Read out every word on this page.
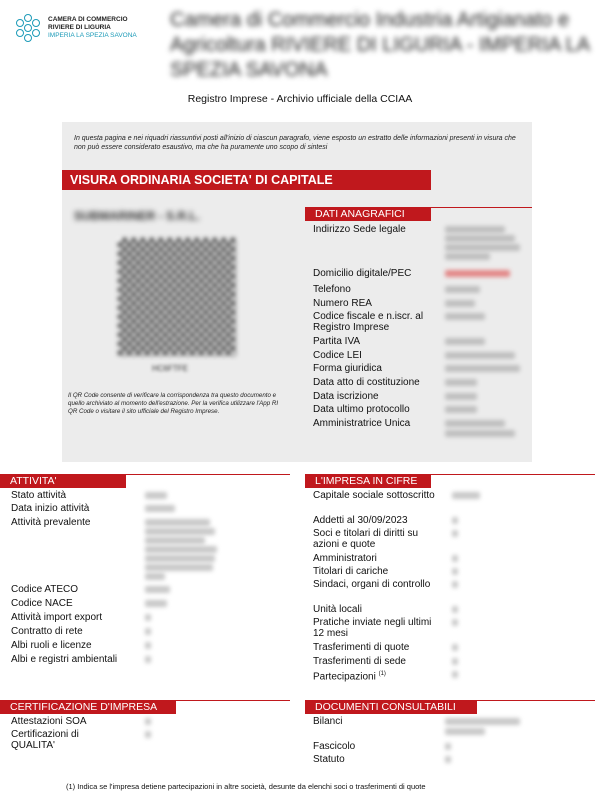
CAMERA DI COMMERCIO
RIVIERE DI LIGURIA
IMPERIA LA SPEZIA SAVONA
Camera di Commercio Industria Artigianato e Agricoltura RIVIERE DI LIGURIA - IMPERIA LA SPEZIA SAVONA
Registro Imprese - Archivio ufficiale della CCIAA
In questa pagina e nei riquadri riassuntivi posti all'inizio di ciascun paragrafo, viene esposto un estratto delle informazioni presenti in visura che non può essere considerato esaustivo, ma che ha puramente uno scopo di sintesi
VISURA ORDINARIA SOCIETA' DI CAPITALE
SUBMARINER - S.R.L.
HC6FTFE
Il QR Code consente di verificare la corrispondenza tra questo documento e quello archiviato al momento dell'estrazione. Per la verifica utilizzare l'App RI QR Code o visitare il sito ufficiale del Registro Imprese.
DATI ANAGRAFICI
Indirizzo Sede legale
Domicilio digitale/PEC
Telefono
Numero REA
Codice fiscale e n.iscr. al Registro Imprese
Partita IVA
Codice LEI
Forma giuridica
Data atto di costituzione
Data iscrizione
Data ultimo protocollo
Amministratrice Unica
ATTIVITA'
Stato attività
Data inizio attività
Attività prevalente
Codice ATECO
Codice NACE
Attività import export
Contratto di rete
Albi ruoli e licenze
Albi e registri ambientali
L'IMPRESA IN CIFRE
Capitale sociale sottoscritto
Addetti al 30/09/2023
Soci e titolari di diritti su azioni e quote
Amministratori
Titolari di cariche
Sindaci, organi di controllo
Unità locali
Pratiche inviate negli ultimi 12 mesi
Trasferimenti di quote
Trasferimenti di sede
Partecipazioni $^{(1)}$
CERTIFICAZIONE D'IMPRESA
Attestazioni SOA
Certificazioni di QUALITA'
DOCUMENTI CONSULTABILI
Bilanci
Fascicolo
Statuto
(1) Indica se l'impresa detiene partecipazioni in altre società, desunte da elenchi soci o trasferimenti di quote
